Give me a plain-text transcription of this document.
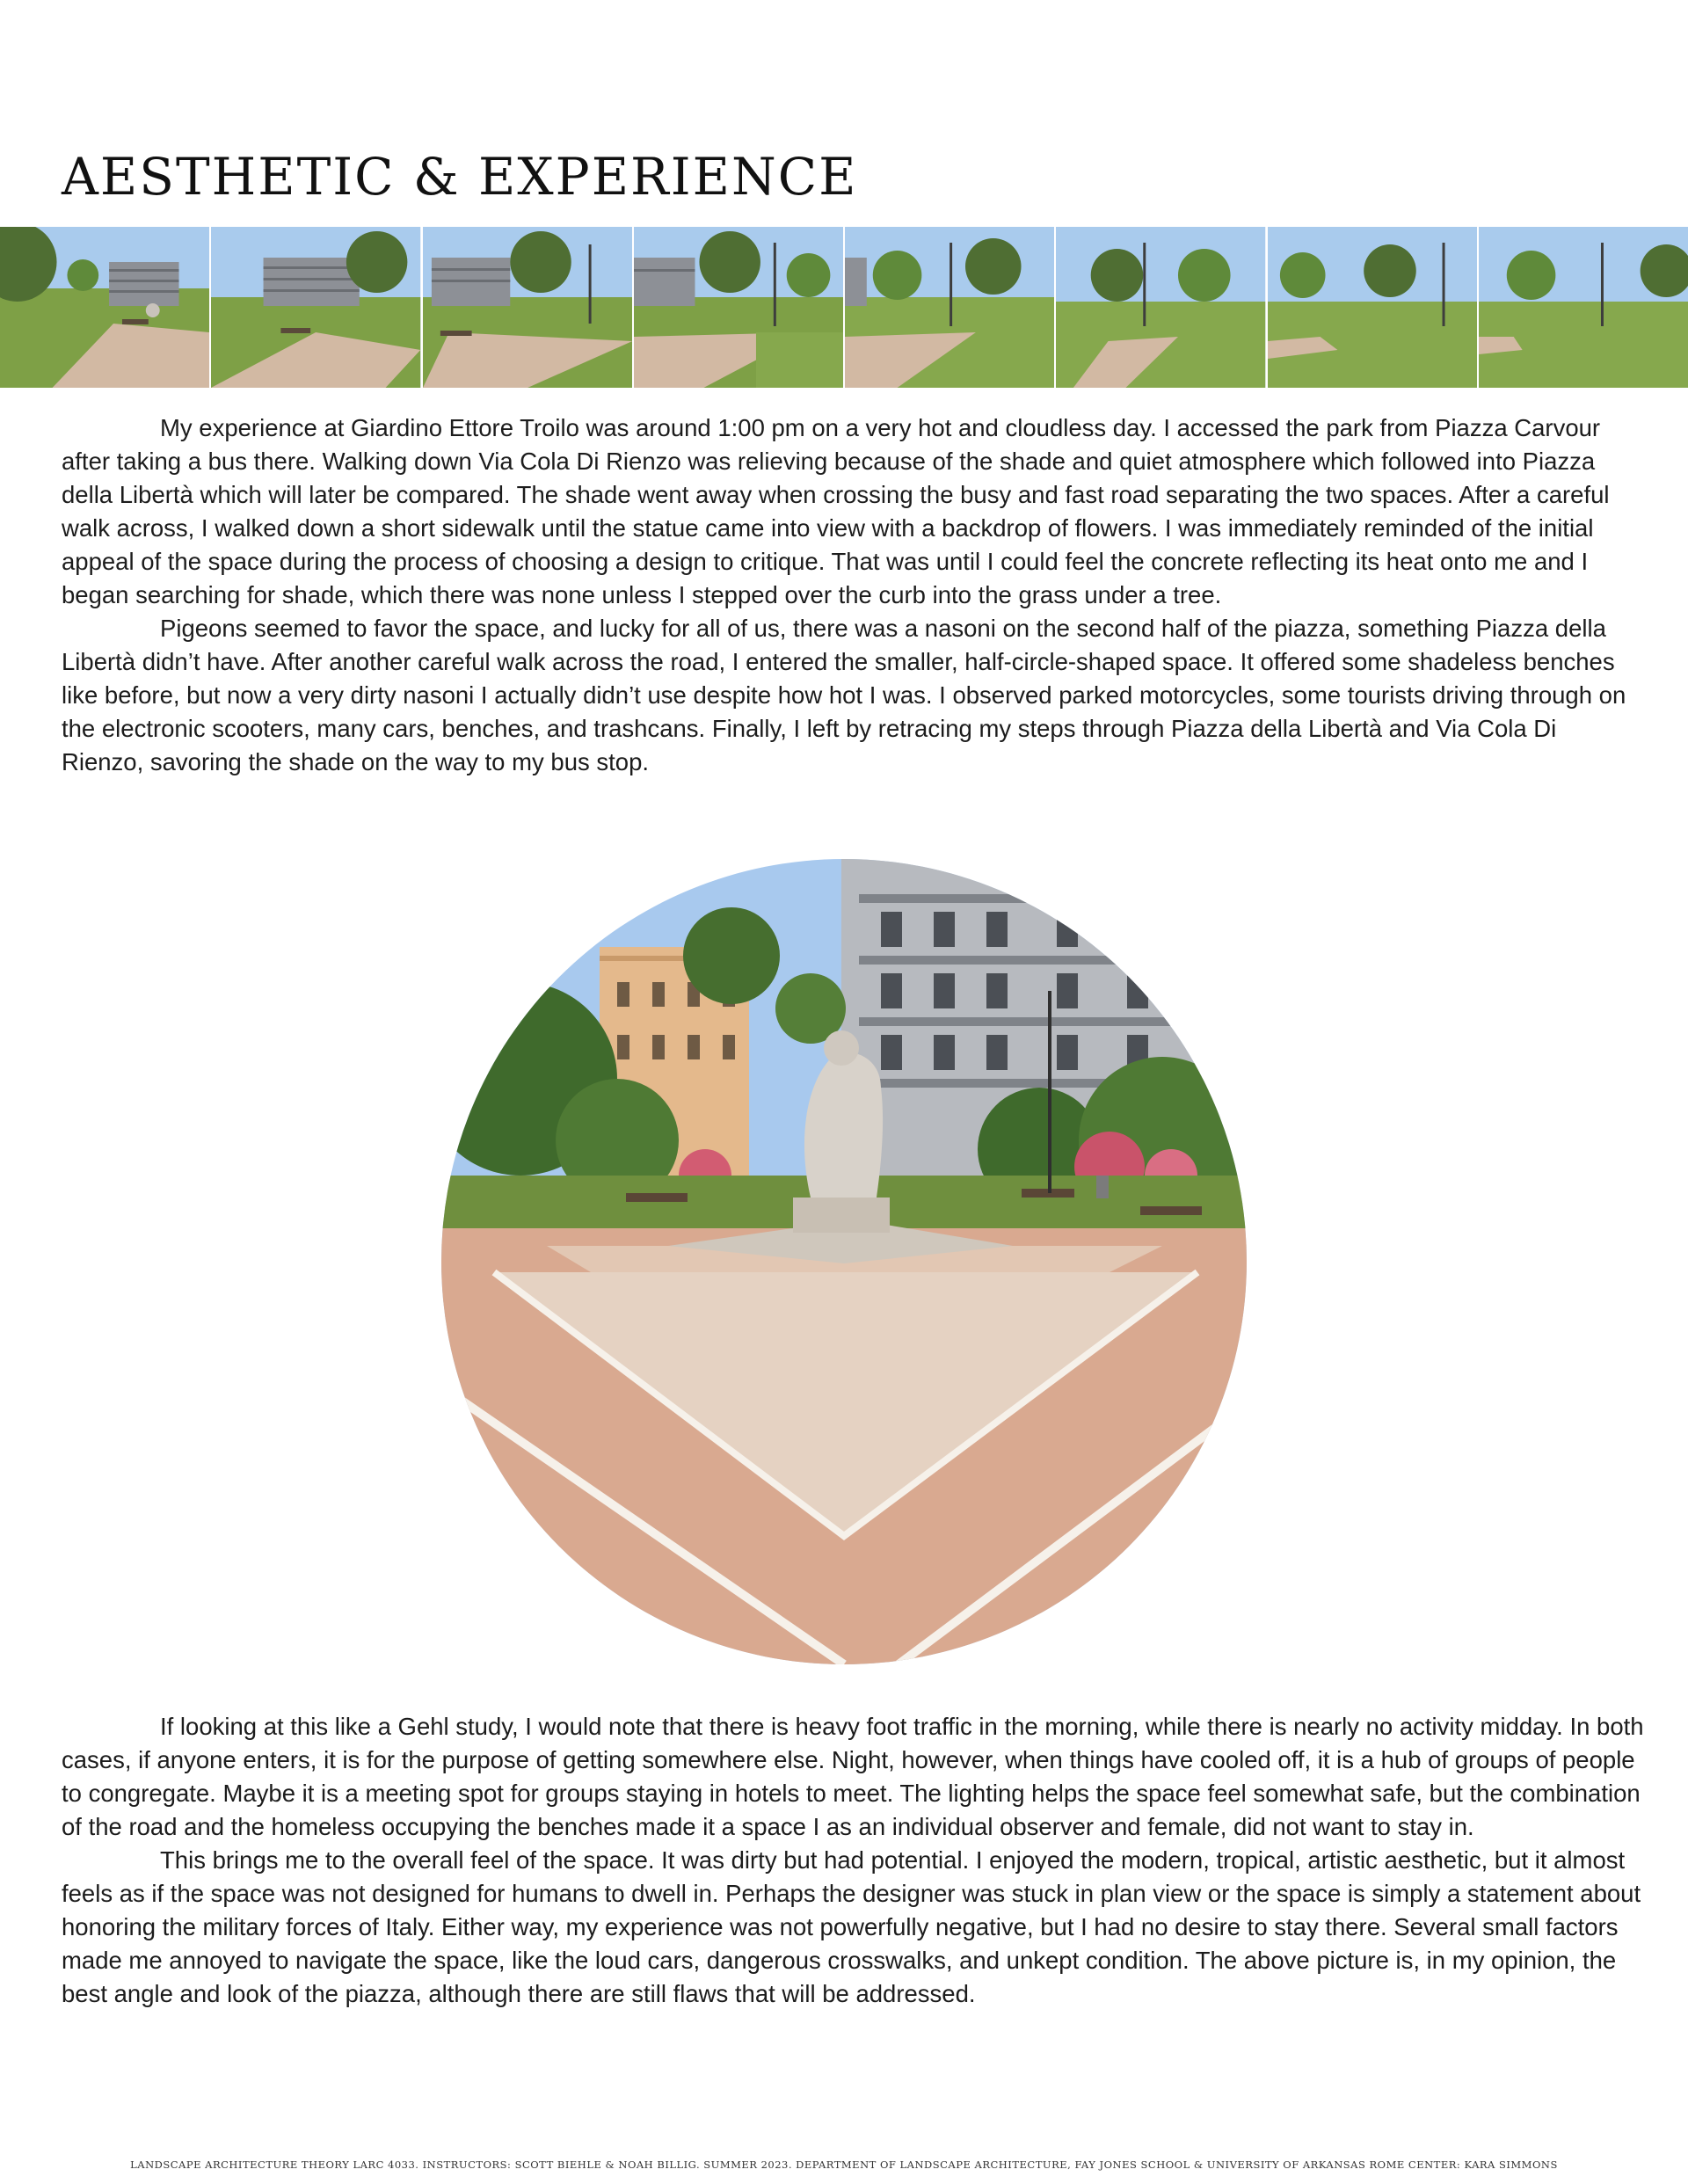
AESTHETIC & EXPERIENCE

My experience at Giardino Ettore Troilo was around 1:00 pm on a very hot and cloudless day. I accessed the park from Piazza Carvour after taking a bus there. Walking down Via Cola Di Rienzo was relieving because of the shade and quiet atmosphere which followed into Piazza della Libertà which will later be compared. The shade went away when crossing the busy and fast road separating the two spaces. After a careful walk across, I walked down a short sidewalk until the statue came into view with a backdrop of flowers. I was immediately reminded of the initial appeal of the space during the process of choosing a design to critique. That was until I could feel the concrete reflecting its heat onto me and I began searching for shade, which there was none unless I stepped over the curb into the grass under a tree.

Pigeons seemed to favor the space, and lucky for all of us, there was a nasoni on the second half of the piazza, something Piazza della Libertà didn’t have. After another careful walk across the road, I entered the smaller, half-circle-shaped space. It offered some shadeless benches like before, but now a very dirty nasoni I actually didn’t use despite how hot I was. I observed parked motorcycles, some tourists driving through on the electronic scooters, many cars, benches, and trashcans. Finally, I left by retracing my steps through Piazza della Libertà and Via Cola Di Rienzo, savoring the shade on the way to my bus stop.

If looking at this like a Gehl study, I would note that there is heavy foot traffic in the morning, while there is nearly no activity midday. In both cases, if anyone enters, it is for the purpose of getting somewhere else. Night, however, when things have cooled off, it is a hub of groups of people to congregate. Maybe it is a meeting spot for groups staying in hotels to meet. The lighting helps the space feel somewhat safe, but the combination of the road and the homeless occupying the benches made it a space I as an individual observer and female, did not want to stay in.

This brings me to the overall feel of the space. It was dirty but had potential. I enjoyed the modern, tropical, artistic aesthetic, but it almost feels as if the space was not designed for humans to dwell in. Perhaps the designer was stuck in plan view or the space is simply a statement about honoring the military forces of Italy. Either way, my experience was not powerfully negative, but I had no desire to stay there. Several small factors made me annoyed to navigate the space, like the loud cars, dangerous crosswalks, and unkept condition. The above picture is, in my opinion, the best angle and look of the piazza, although there are still flaws that will be addressed.

LANDSCAPE ARCHITECTURE THEORY LARC 4033. INSTRUCTORS: SCOTT BIEHLE & NOAH BILLIG. SUMMER 2023. DEPARTMENT OF LANDSCAPE ARCHITECTURE, FAY JONES SCHOOL & UNIVERSITY OF ARKANSAS ROME CENTER: KARA SIMMONS
